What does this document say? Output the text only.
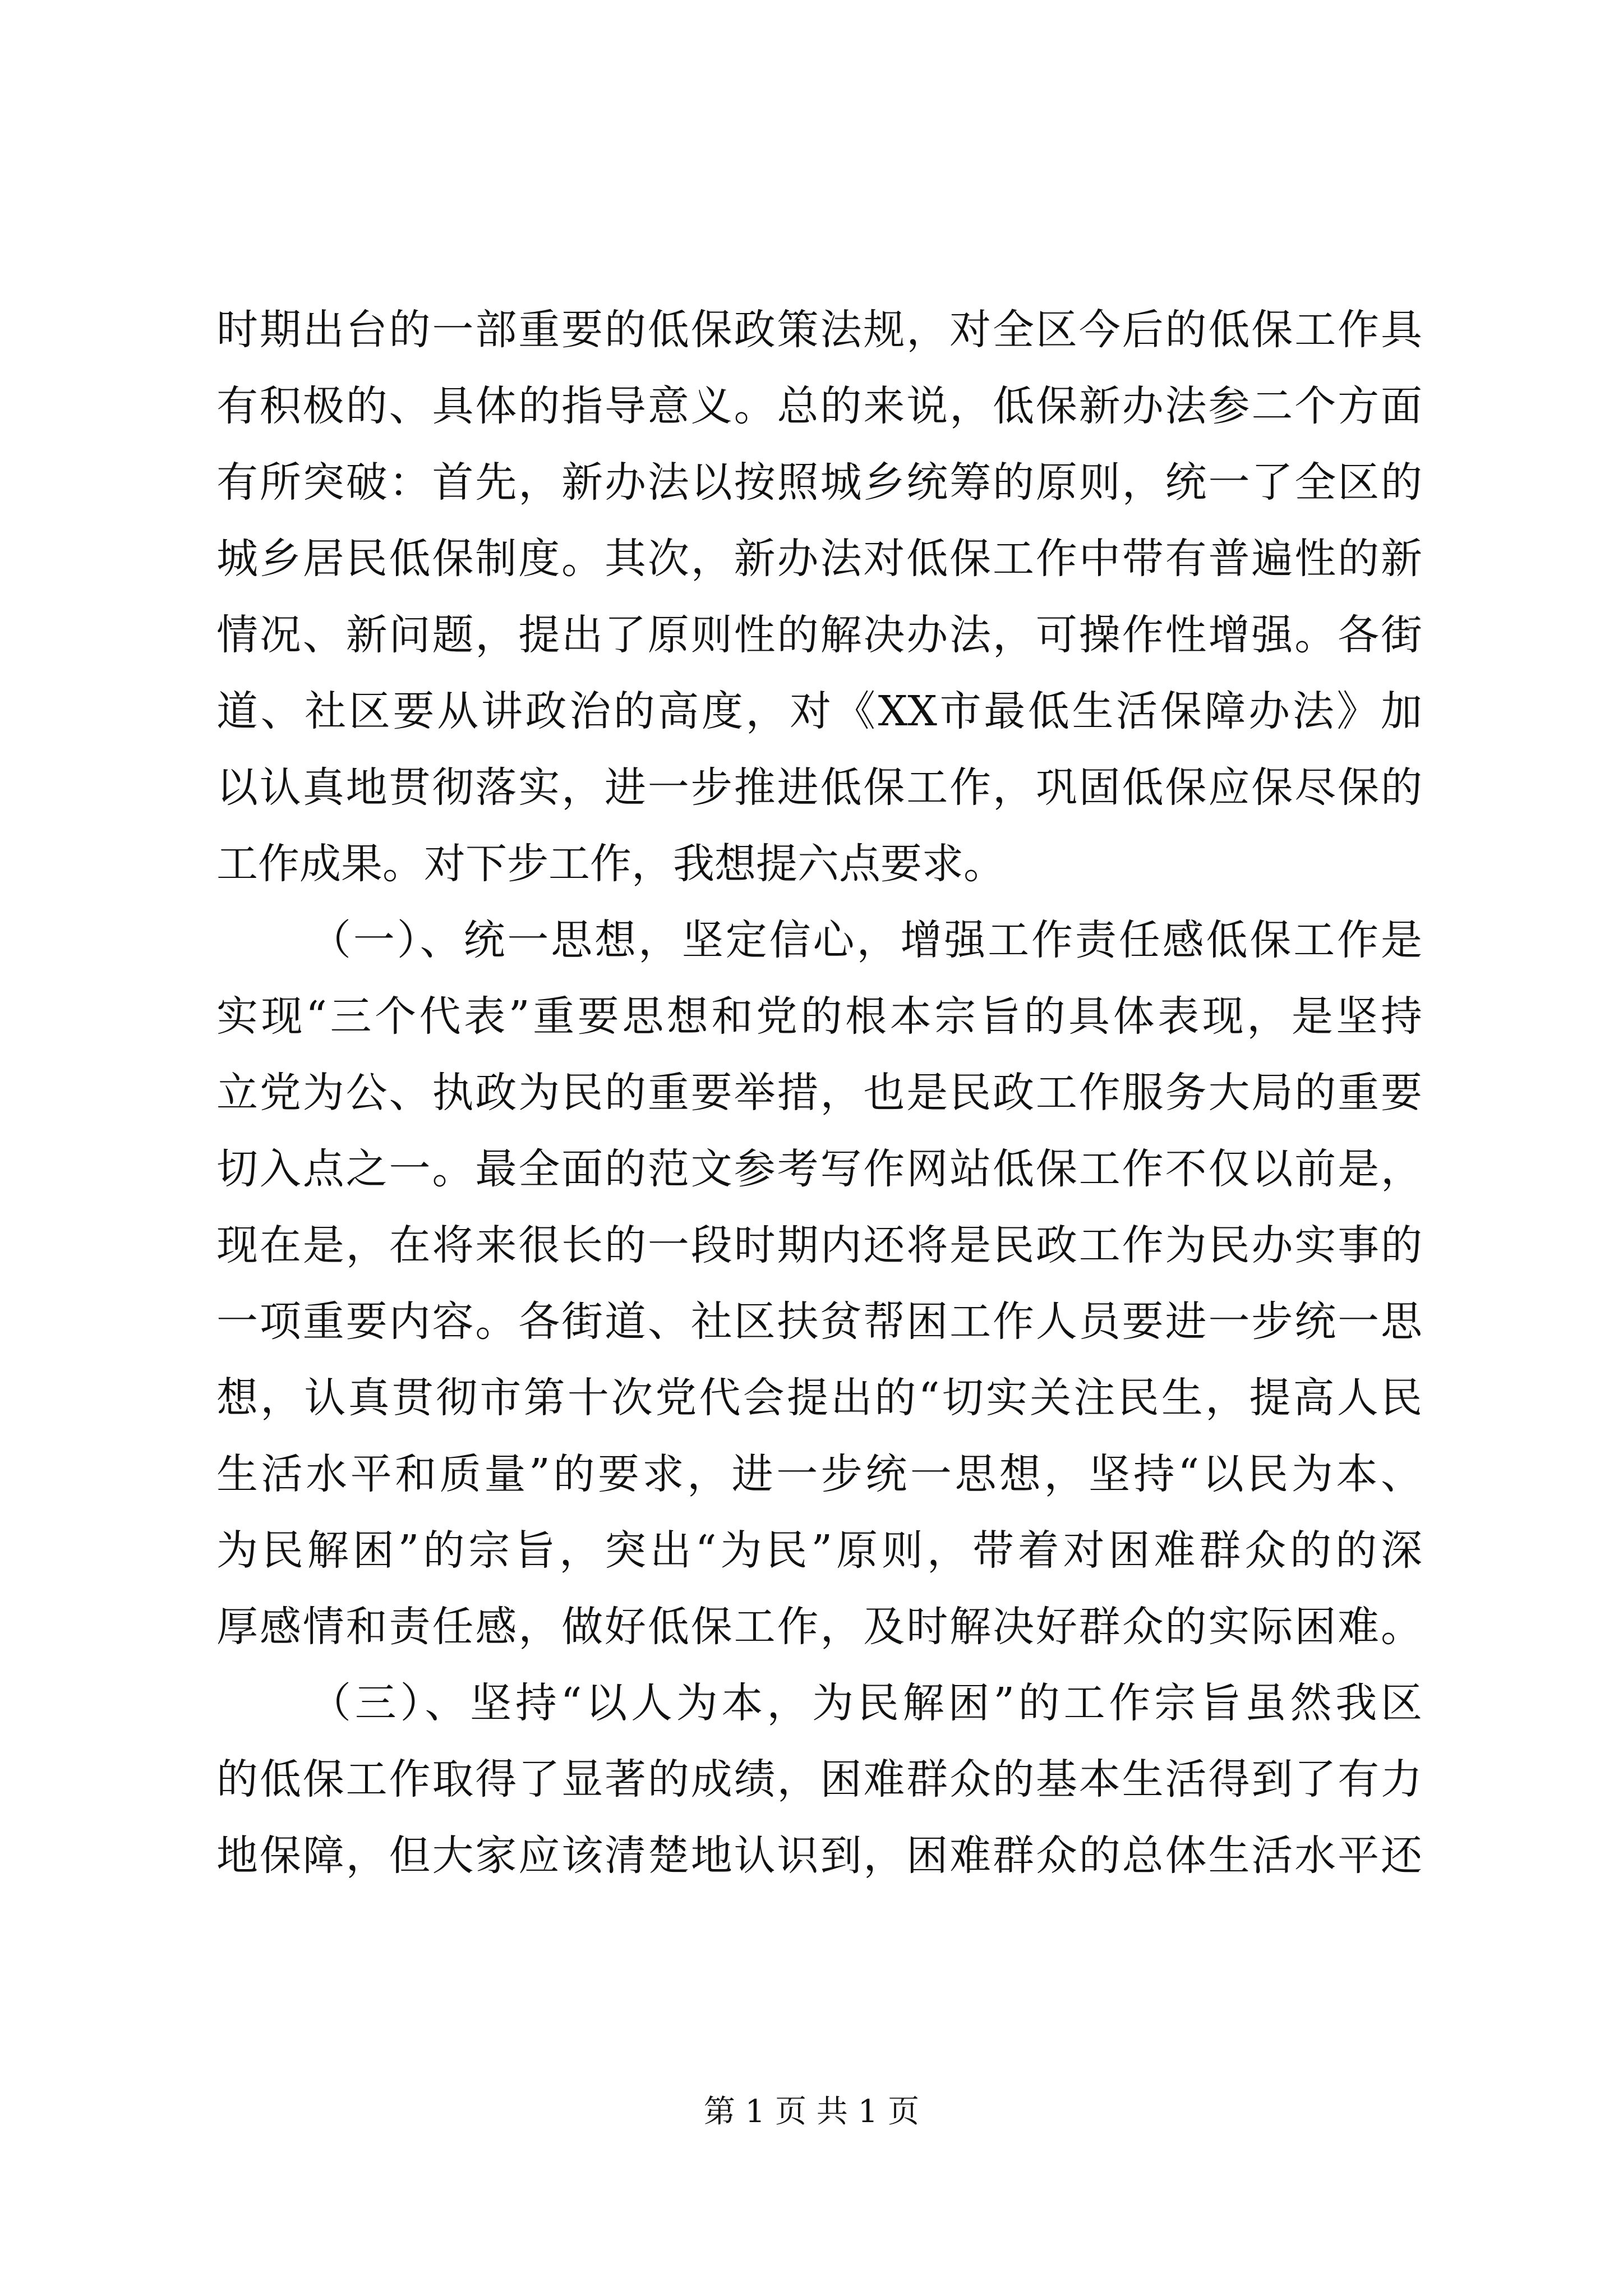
时期出台的一部重要的低保政策法规，对全区今后的低保工作具
有积极的、具体的指导意义。总的来说，低保新办法参二个方面
有所突破：首先，新办法以按照城乡统筹的原则，统一了全区的
城乡居民低保制度。其次，新办法对低保工作中带有普遍性的新
情况、新问题，提出了原则性的解决办法，可操作性增强。各街
道、社区要从讲政治的高度，对《XX市最低生活保障办法》加
以认真地贯彻落实，进一步推进低保工作，巩固低保应保尽保的
工作成果。对下步工作，我想提六点要求。
（一）、统一思想，坚定信心，增强工作责任感低保工作是
实现“三个代表”重要思想和党的根本宗旨的具体表现，是坚持
立党为公、执政为民的重要举措，也是民政工作服务大局的重要
切入点之一。最全面的范文参考写作网站低保工作不仅以前是，
现在是，在将来很长的一段时期内还将是民政工作为民办实事的
一项重要内容。各街道、社区扶贫帮困工作人员要进一步统一思
想，认真贯彻市第十次党代会提出的“切实关注民生，提高人民
生活水平和质量”的要求，进一步统一思想，坚持“以民为本、
为民解困”的宗旨，突出“为民”原则，带着对困难群众的的深
厚感情和责任感，做好低保工作，及时解决好群众的实际困难。
（三）、坚持“以人为本，为民解困”的工作宗旨虽然我区
的低保工作取得了显著的成绩，困难群众的基本生活得到了有力
地保障，但大家应该清楚地认识到，困难群众的总体生活水平还
第 1 页 共 1 页
